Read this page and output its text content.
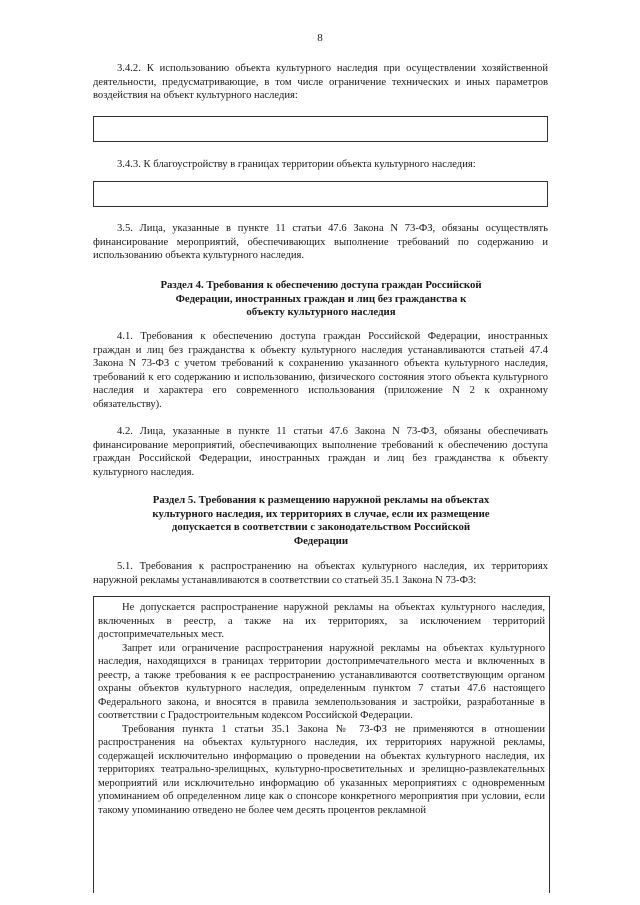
8

3.4.2. К использованию объекта культурного наследия при осуществлении хозяйственной деятельности, предусматривающие, в том числе ограничение технических и иных параметров воздействия на объект культурного наследия:

3.4.3. К благоустройству в границах территории объекта культурного наследия:

3.5. Лица, указанные в пункте 11 статьи 47.6 Закона N 73-ФЗ, обязаны осуществлять финансирование мероприятий, обеспечивающих выполнение требований по содержанию и использованию объекта культурного наследия.

Раздел 4. Требования к обеспечению доступа граждан Российской Федерации, иностранных граждан и лиц без гражданства к объекту культурного наследия

4.1. Требования к обеспечению доступа граждан Российской Федерации, иностранных граждан и лиц без гражданства к объекту культурного наследия устанавливаются статьей 47.4 Закона N 73-ФЗ с учетом требований к сохранению указанного объекта культурного наследия, требований к его содержанию и использованию, физического состояния этого объекта культурного наследия и характера его современного использования (приложение N 2 к охранному обязательству).

4.2. Лица, указанные в пункте 11 статьи 47.6 Закона N 73-ФЗ, обязаны обеспечивать финансирование мероприятий, обеспечивающих выполнение требований к обеспечению доступа граждан Российской Федерации, иностранных граждан и лиц без гражданства к объекту культурного наследия.

Раздел 5. Требования к размещению наружной рекламы на объектах культурного наследия, их территориях в случае, если их размещение допускается в соответствии с законодательством Российской Федерации

5.1. Требования к распространению на объектах культурного наследия, их территориях наружной рекламы устанавливаются в соответствии со статьей 35.1 Закона N 73-ФЗ:

Не допускается распространение наружной рекламы на объектах культурного наследия, включенных в реестр, а также на их территориях, за исключением территорий достопримечательных мест.

Запрет или ограничение распространения наружной рекламы на объектах культурного наследия, находящихся в границах территории достопримечательного места и включенных в реестр, а также требования к ее распространению устанавливаются соответствующим органом охраны объектов культурного наследия, определенным пунктом 7 статьи 47.6 настоящего Федерального закона, и вносятся в правила землепользования и застройки, разработанные в соответствии с Градостроительным кодексом Российской Федерации.

Требования пункта 1 статьи 35.1 Закона № 73-ФЗ не применяются в отношении распространения на объектах культурного наследия, их территориях наружной рекламы, содержащей исключительно информацию о проведении на объектах культурного наследия, их территориях театрально-зрелищных, культурно-просветительных и зрелищно-развлекательных мероприятий или исключительно информацию об указанных мероприятиях с одновременным упоминанием об определенном лице как о спонсоре конкретного мероприятия при условии, если такому упоминанию отведено не более чем десять процентов рекламной
